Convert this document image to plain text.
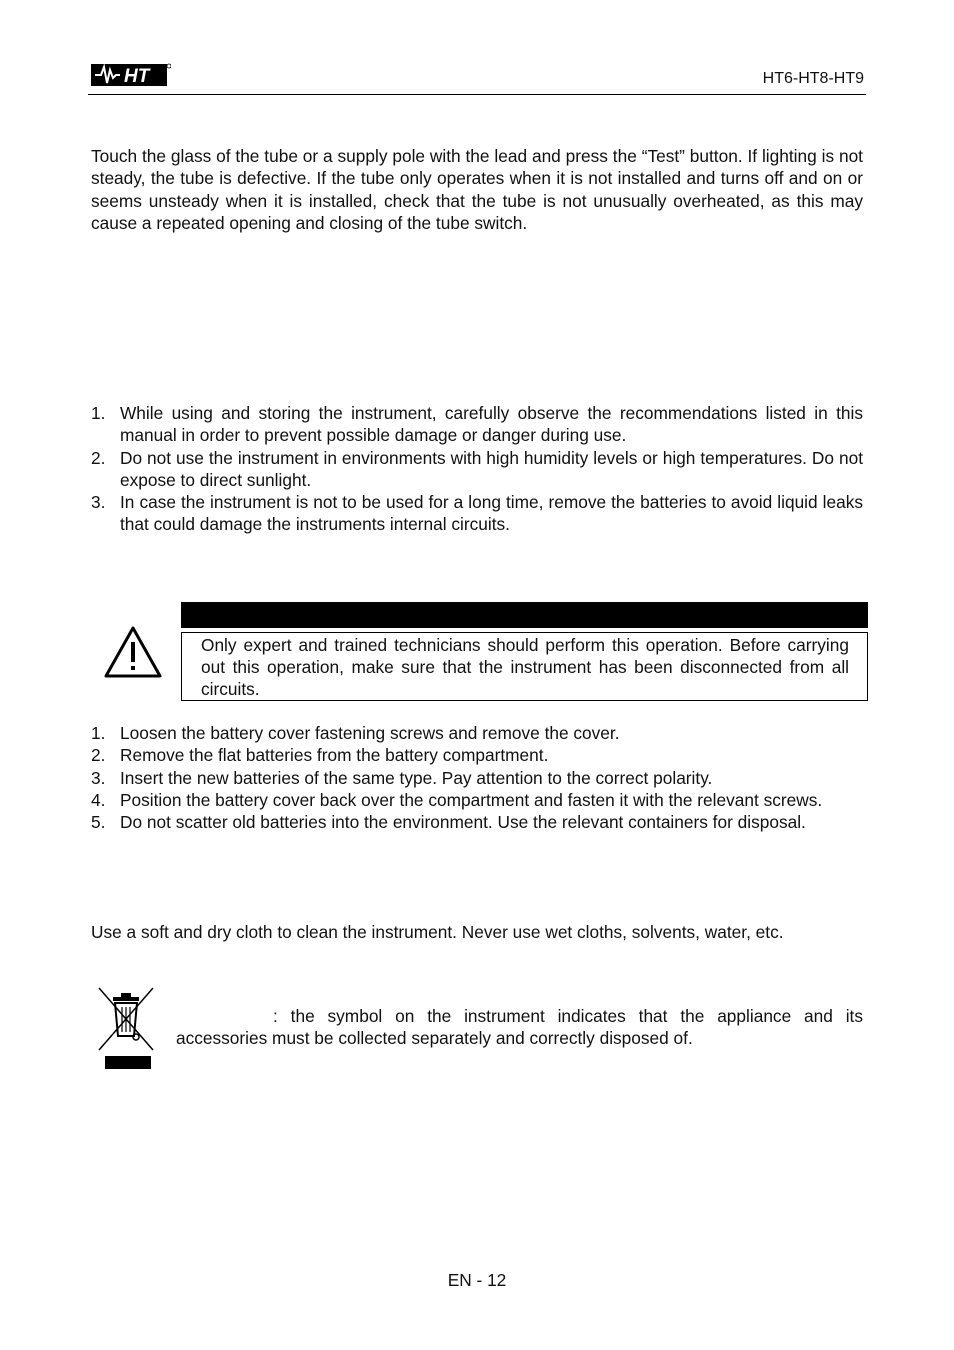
HT	HT6-HT8-HT9
Touch the glass of the tube or a supply pole with the lead and press the “Test” button. If lighting is not steady, the tube is defective. If the tube only operates when it is not installed and turns off and on or seems unsteady when it is installed, check that the tube is not unusually overheated, as this may cause a repeated opening and closing of the tube switch.
1. While using and storing the instrument, carefully observe the recommendations listed in this manual in order to prevent possible damage or danger during use.
2. Do not use the instrument in environments with high humidity levels or high temperatures. Do not expose to direct sunlight.
3. In case the instrument is not to be used for a long time, remove the batteries to avoid liquid leaks that could damage the instruments internal circuits.
Only expert and trained technicians should perform this operation. Before carrying out this operation, make sure that the instrument has been disconnected from all circuits.
1. Loosen the battery cover fastening screws and remove the cover.
2. Remove the flat batteries from the battery compartment.
3. Insert the new batteries of the same type. Pay attention to the correct polarity.
4. Position the battery cover back over the compartment and fasten it with the relevant screws.
5. Do not scatter old batteries into the environment. Use the relevant containers for disposal.
Use a soft and dry cloth to clean the instrument. Never use wet cloths, solvents, water, etc.
: the symbol on the instrument indicates that the appliance and its accessories must be collected separately and correctly disposed of.
EN - 12
